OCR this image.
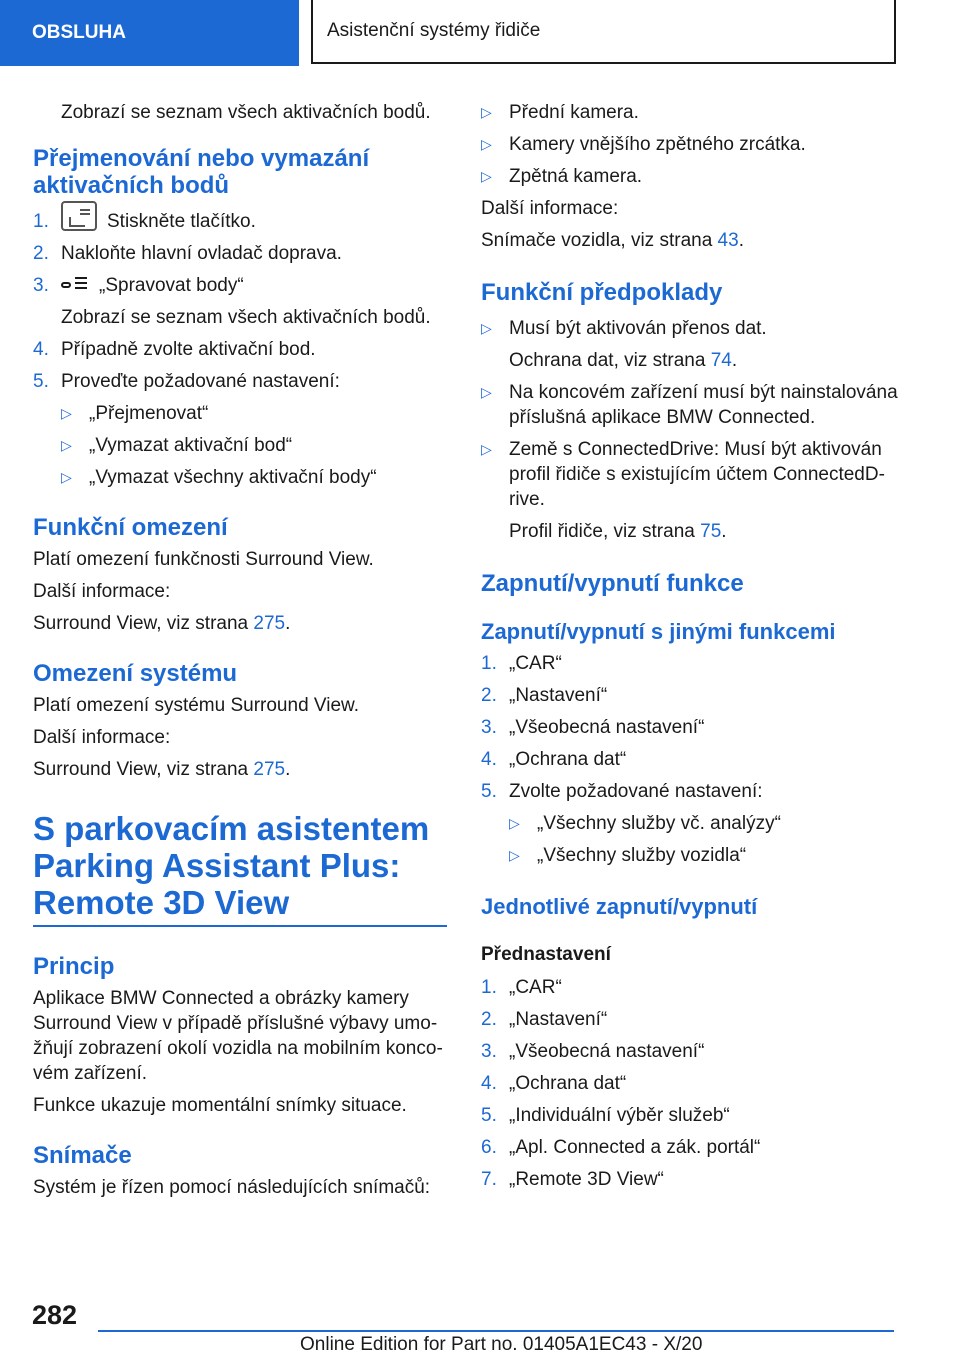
OBSLUHA	Asistenční systémy řidiče

Zobrazí se seznam všech aktivačních bodů.

Přejmenování nebo vymazání aktivačních bodů
1.	Stiskněte tlačítko.
2. Nakloňte hlavní ovladač doprava.
3.	„Spravovat body“

Zobrazí se seznam všech aktivačních bodů.

4. Případně zvolte aktivační bod.
5. Proveďte požadované nastavení:
▷ „Přejmenovat“
▷ „Vymazat aktivační bod“
▷ „Vymazat všechny aktivační body“
Funkční omezení

Platí omezení funkčnosti Surround View.

Další informace:

Surround View, viz strana 275.

Omezení systému

Platí omezení systému Surround View.

Další informace:

Surround View, viz strana 275.

S parkovacím asistentem Parking Assistant Plus: Remote 3D View
Princip

Aplikace BMW Connected a obrázky kamery Surround View v případě příslušné výbavy umožňují zobrazení okolí vozidla na mobilním koncovém zařízení.

Funkce ukazuje momentální snímky situace.

Snímače

Systém je řízen pomocí následujících snímačů:

▷ Přední kamera.
▷ Kamery vnějšího zpětného zrcátka.
▷ Zpětná kamera.

Další informace:

Snímače vozidla, viz strana 43.

Funkční předpoklady
▷ Musí být aktivován přenos dat.

Ochrana dat, viz strana 74.

▷ Na koncovém zařízení musí být nainstalována příslušná aplikace BMW Connected.
▷ Země s ConnectedDrive: Musí být aktivován profil řidiče s existujícím účtem ConnectedDrive.

Profil řidiče, viz strana 75.

Zapnutí/vypnutí funkce
Zapnutí/vypnutí s jinými funkcemi
1. „CAR“
2. „Nastavení“
3. „Všeobecná nastavení“
4. „Ochrana dat“
5. Zvolte požadované nastavení:
▷ „Všechny služby vč. analýzy“
▷ „Všechny služby vozidla“
Jednotlivé zapnutí/vypnutí
Přednastavení
1. „CAR“
2. „Nastavení“
3. „Všeobecná nastavení“
4. „Ochrana dat“
5. „Individuální výběr služeb“
6. „Apl. Connected a zák. portál“
7. „Remote 3D View“
282
Online Edition for Part no. 01405A1EC43 - X/20
